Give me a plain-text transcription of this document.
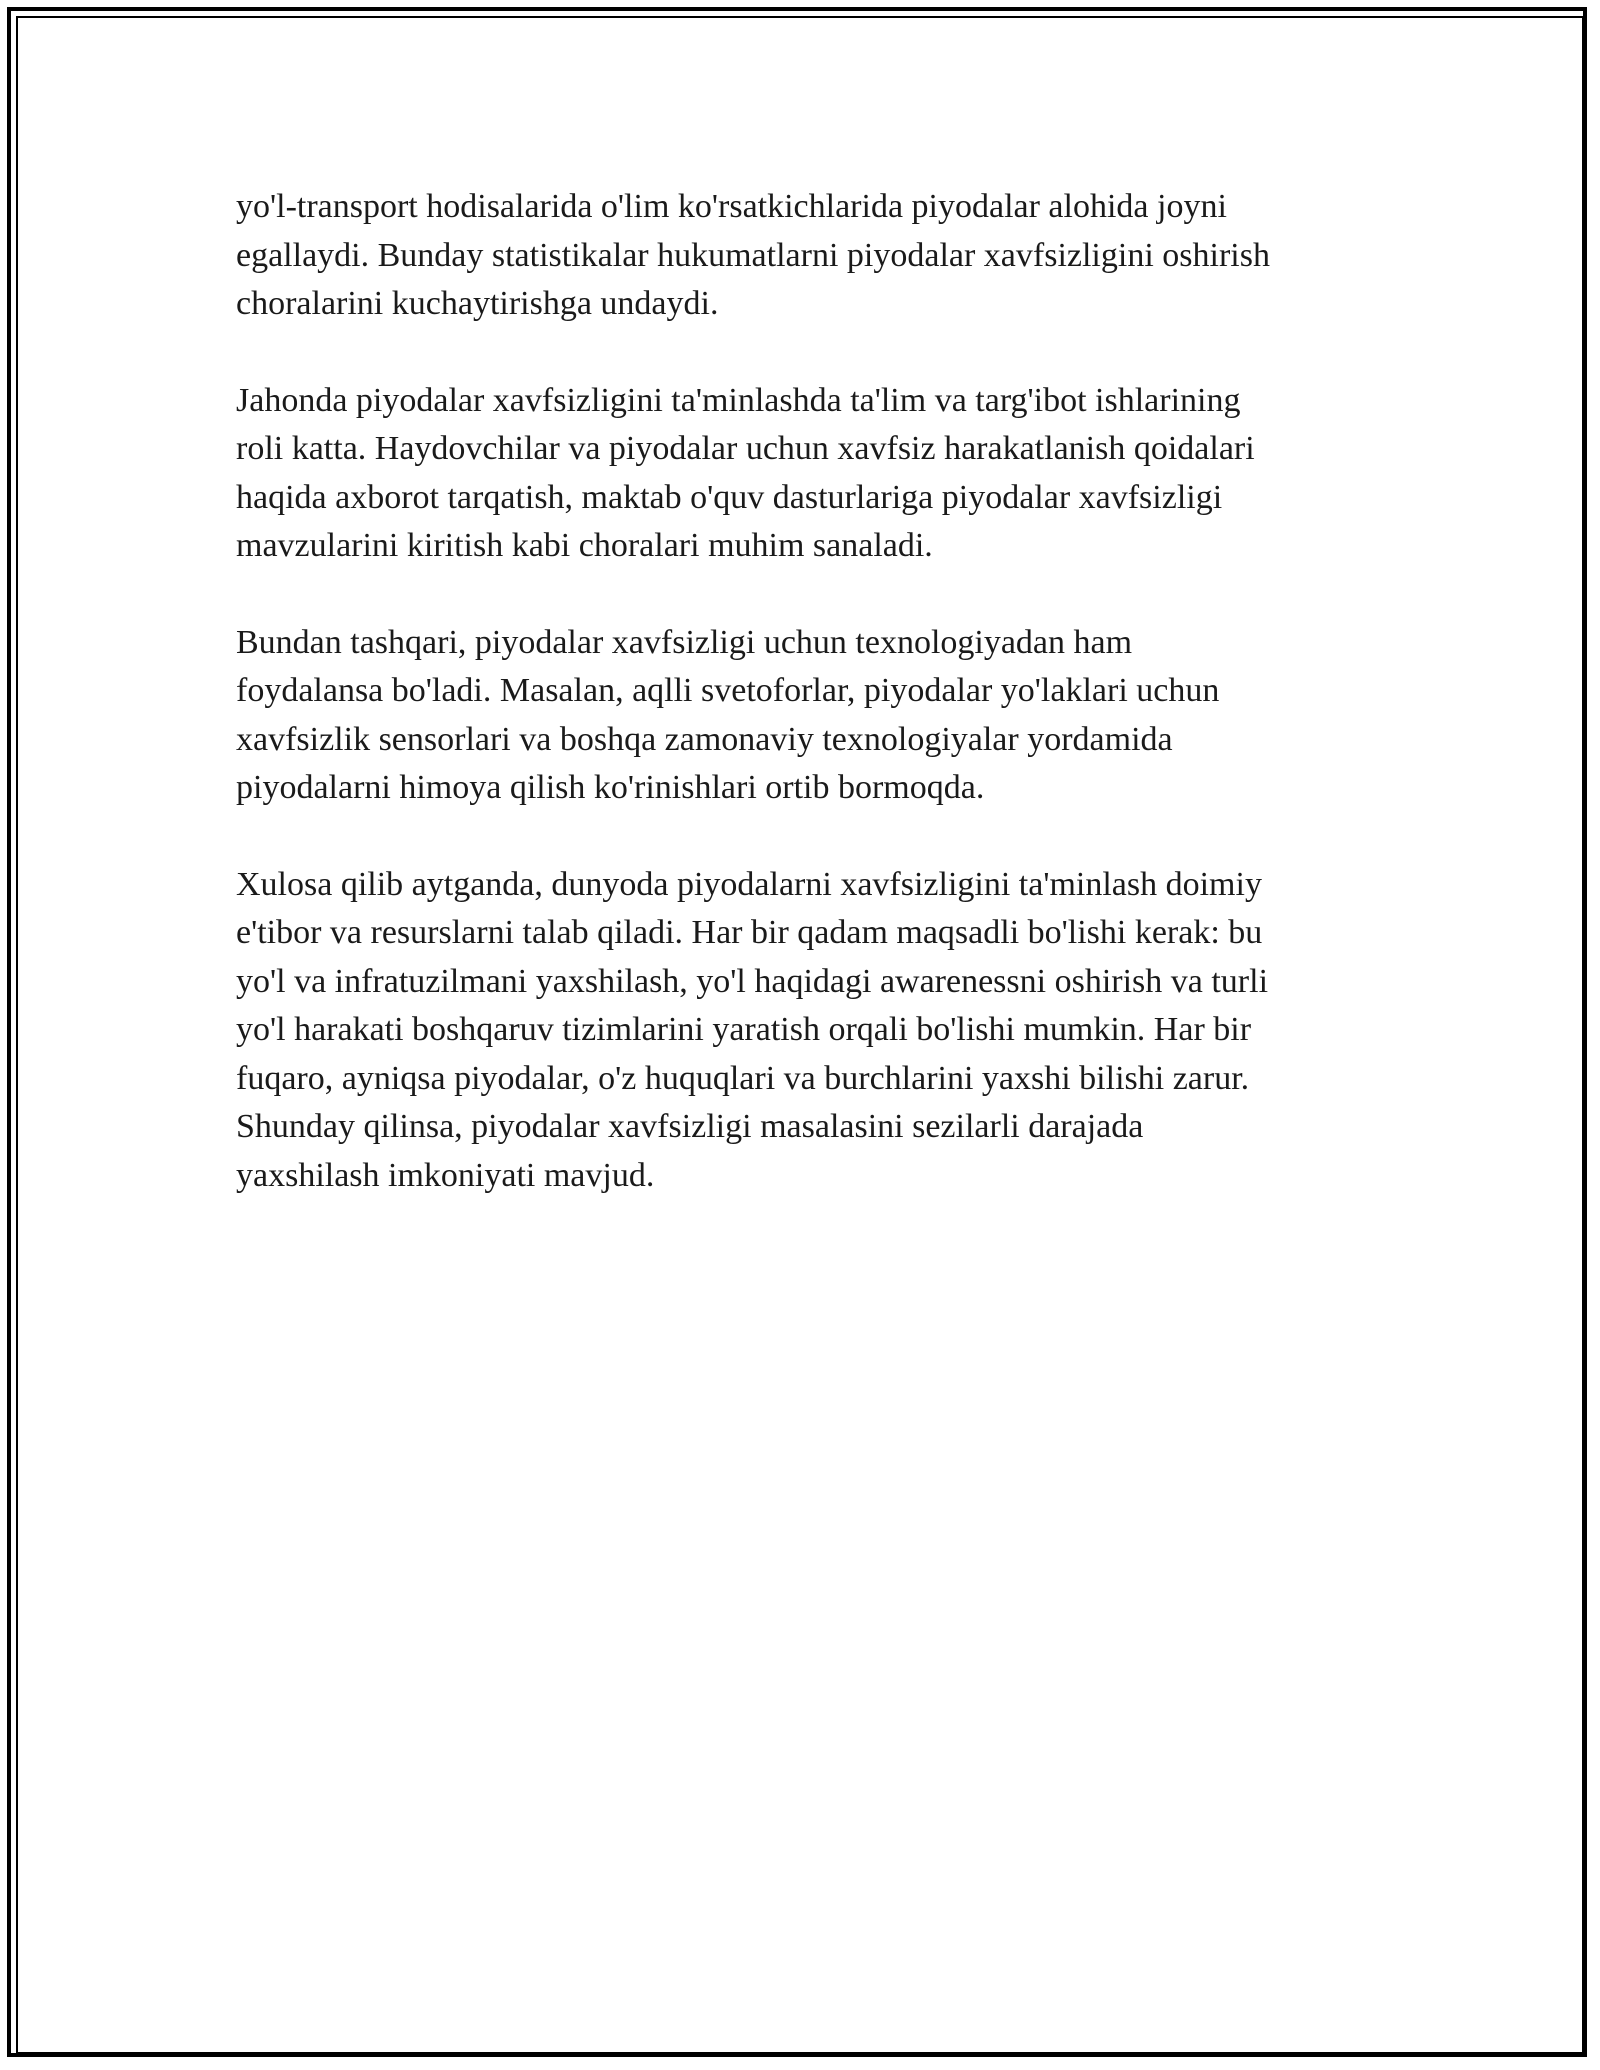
yo'l-transport hodisalarida o'lim ko'rsatkichlarida piyodalar alohida joyni
egallaydi. Bunday statistikalar hukumatlarni piyodalar xavfsizligini oshirish
choralarini kuchaytirishga undaydi.

Jahonda piyodalar xavfsizligini ta'minlashda ta'lim va targ'ibot ishlarining
roli katta. Haydovchilar va piyodalar uchun xavfsiz harakatlanish qoidalari
haqida axborot tarqatish, maktab o'quv dasturlariga piyodalar xavfsizligi
mavzularini kiritish kabi choralari muhim sanaladi.

Bundan tashqari, piyodalar xavfsizligi uchun texnologiyadan ham
foydalansa bo'ladi. Masalan, aqlli svetoforlar, piyodalar yo'laklari uchun
xavfsizlik sensorlari va boshqa zamonaviy texnologiyalar yordamida
piyodalarni himoya qilish ko'rinishlari ortib bormoqda.

Xulosa qilib aytganda, dunyoda piyodalarni xavfsizligini ta'minlash doimiy
e'tibor va resurslarni talab qiladi. Har bir qadam maqsadli bo'lishi kerak: bu
yo'l va infratuzilmani yaxshilash, yo'l haqidagi awarenessni oshirish va turli
yo'l harakati boshqaruv tizimlarini yaratish orqali bo'lishi mumkin. Har bir
fuqaro, ayniqsa piyodalar, o'z huquqlari va burchlarini yaxshi bilishi zarur.
Shunday qilinsa, piyodalar xavfsizligi masalasini sezilarli darajada
yaxshilash imkoniyati mavjud.
